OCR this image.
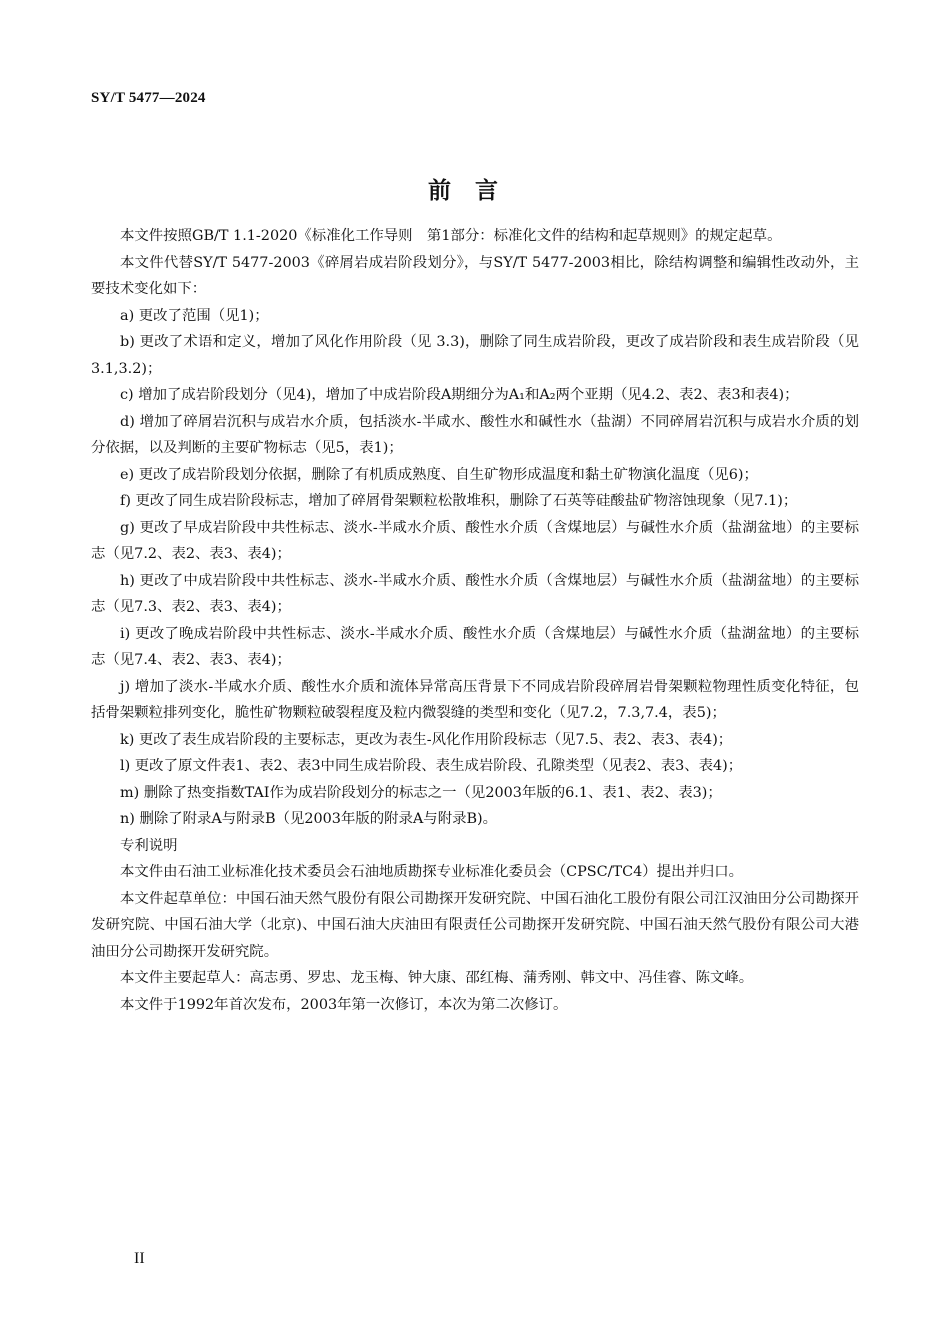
SY/T 5477—2024
前言

本文件按照GB/T 1.1-2020《标准化工作导则　第1部分：标准化文件的结构和起草规则》的规定起草。

本文件代替SY/T 5477-2003《碎屑岩成岩阶段划分》，与SY/T 5477-2003相比，除结构调整和编辑性改动外，主要技术变化如下：

a) 更改了范围（见1)；

b) 更改了术语和定义，增加了风化作用阶段（见 3.3)，删除了同生成岩阶段，更改了成岩阶段和表生成岩阶段（见3.1,3.2)；

c) 增加了成岩阶段划分（见4)，增加了中成岩阶段A期细分为A₁和A₂两个亚期（见4.2、表2、表3和表4)；

d) 增加了碎屑岩沉积与成岩水介质，包括淡水-半咸水、酸性水和碱性水（盐湖）不同碎屑岩沉积与成岩水介质的划分依据，以及判断的主要矿物标志（见5，表1)；

e) 更改了成岩阶段划分依据，删除了有机质成熟度、自生矿物形成温度和黏土矿物演化温度（见6)；

f) 更改了同生成岩阶段标志，增加了碎屑骨架颗粒松散堆积，删除了石英等硅酸盐矿物溶蚀现象（见7.1)；

g) 更改了早成岩阶段中共性标志、淡水-半咸水介质、酸性水介质（含煤地层）与碱性水介质（盐湖盆地）的主要标志（见7.2、表2、表3、表4)；

h) 更改了中成岩阶段中共性标志、淡水-半咸水介质、酸性水介质（含煤地层）与碱性水介质（盐湖盆地）的主要标志（见7.3、表2、表3、表4)；

i) 更改了晚成岩阶段中共性标志、淡水-半咸水介质、酸性水介质（含煤地层）与碱性水介质（盐湖盆地）的主要标志（见7.4、表2、表3、表4)；

j) 增加了淡水-半咸水介质、酸性水介质和流体异常高压背景下不同成岩阶段碎屑岩骨架颗粒物理性质变化特征，包括骨架颗粒排列变化，脆性矿物颗粒破裂程度及粒内微裂缝的类型和变化（见7.2，7.3,7.4，表5)；

k) 更改了表生成岩阶段的主要标志，更改为表生-风化作用阶段标志（见7.5、表2、表3、表4)；

l) 更改了原文件表1、表2、表3中同生成岩阶段、表生成岩阶段、孔隙类型（见表2、表3、表4)；

m) 删除了热变指数TAI作为成岩阶段划分的标志之一（见2003年版的6.1、表1、表2、表3)；

n) 删除了附录A与附录B（见2003年版的附录A与附录B)。

专利说明

本文件由石油工业标准化技术委员会石油地质勘探专业标准化委员会（CPSC/TC4）提出并归口。

本文件起草单位：中国石油天然气股份有限公司勘探开发研究院、中国石油化工股份有限公司江汉油田分公司勘探开发研究院、中国石油大学（北京)、中国石油大庆油田有限责任公司勘探开发研究院、中国石油天然气股份有限公司大港油田分公司勘探开发研究院。

本文件主要起草人：高志勇、罗忠、龙玉梅、钟大康、邵红梅、蒲秀刚、韩文中、冯佳睿、陈文峰。

本文件于1992年首次发布，2003年第一次修订，本次为第二次修订。

II
